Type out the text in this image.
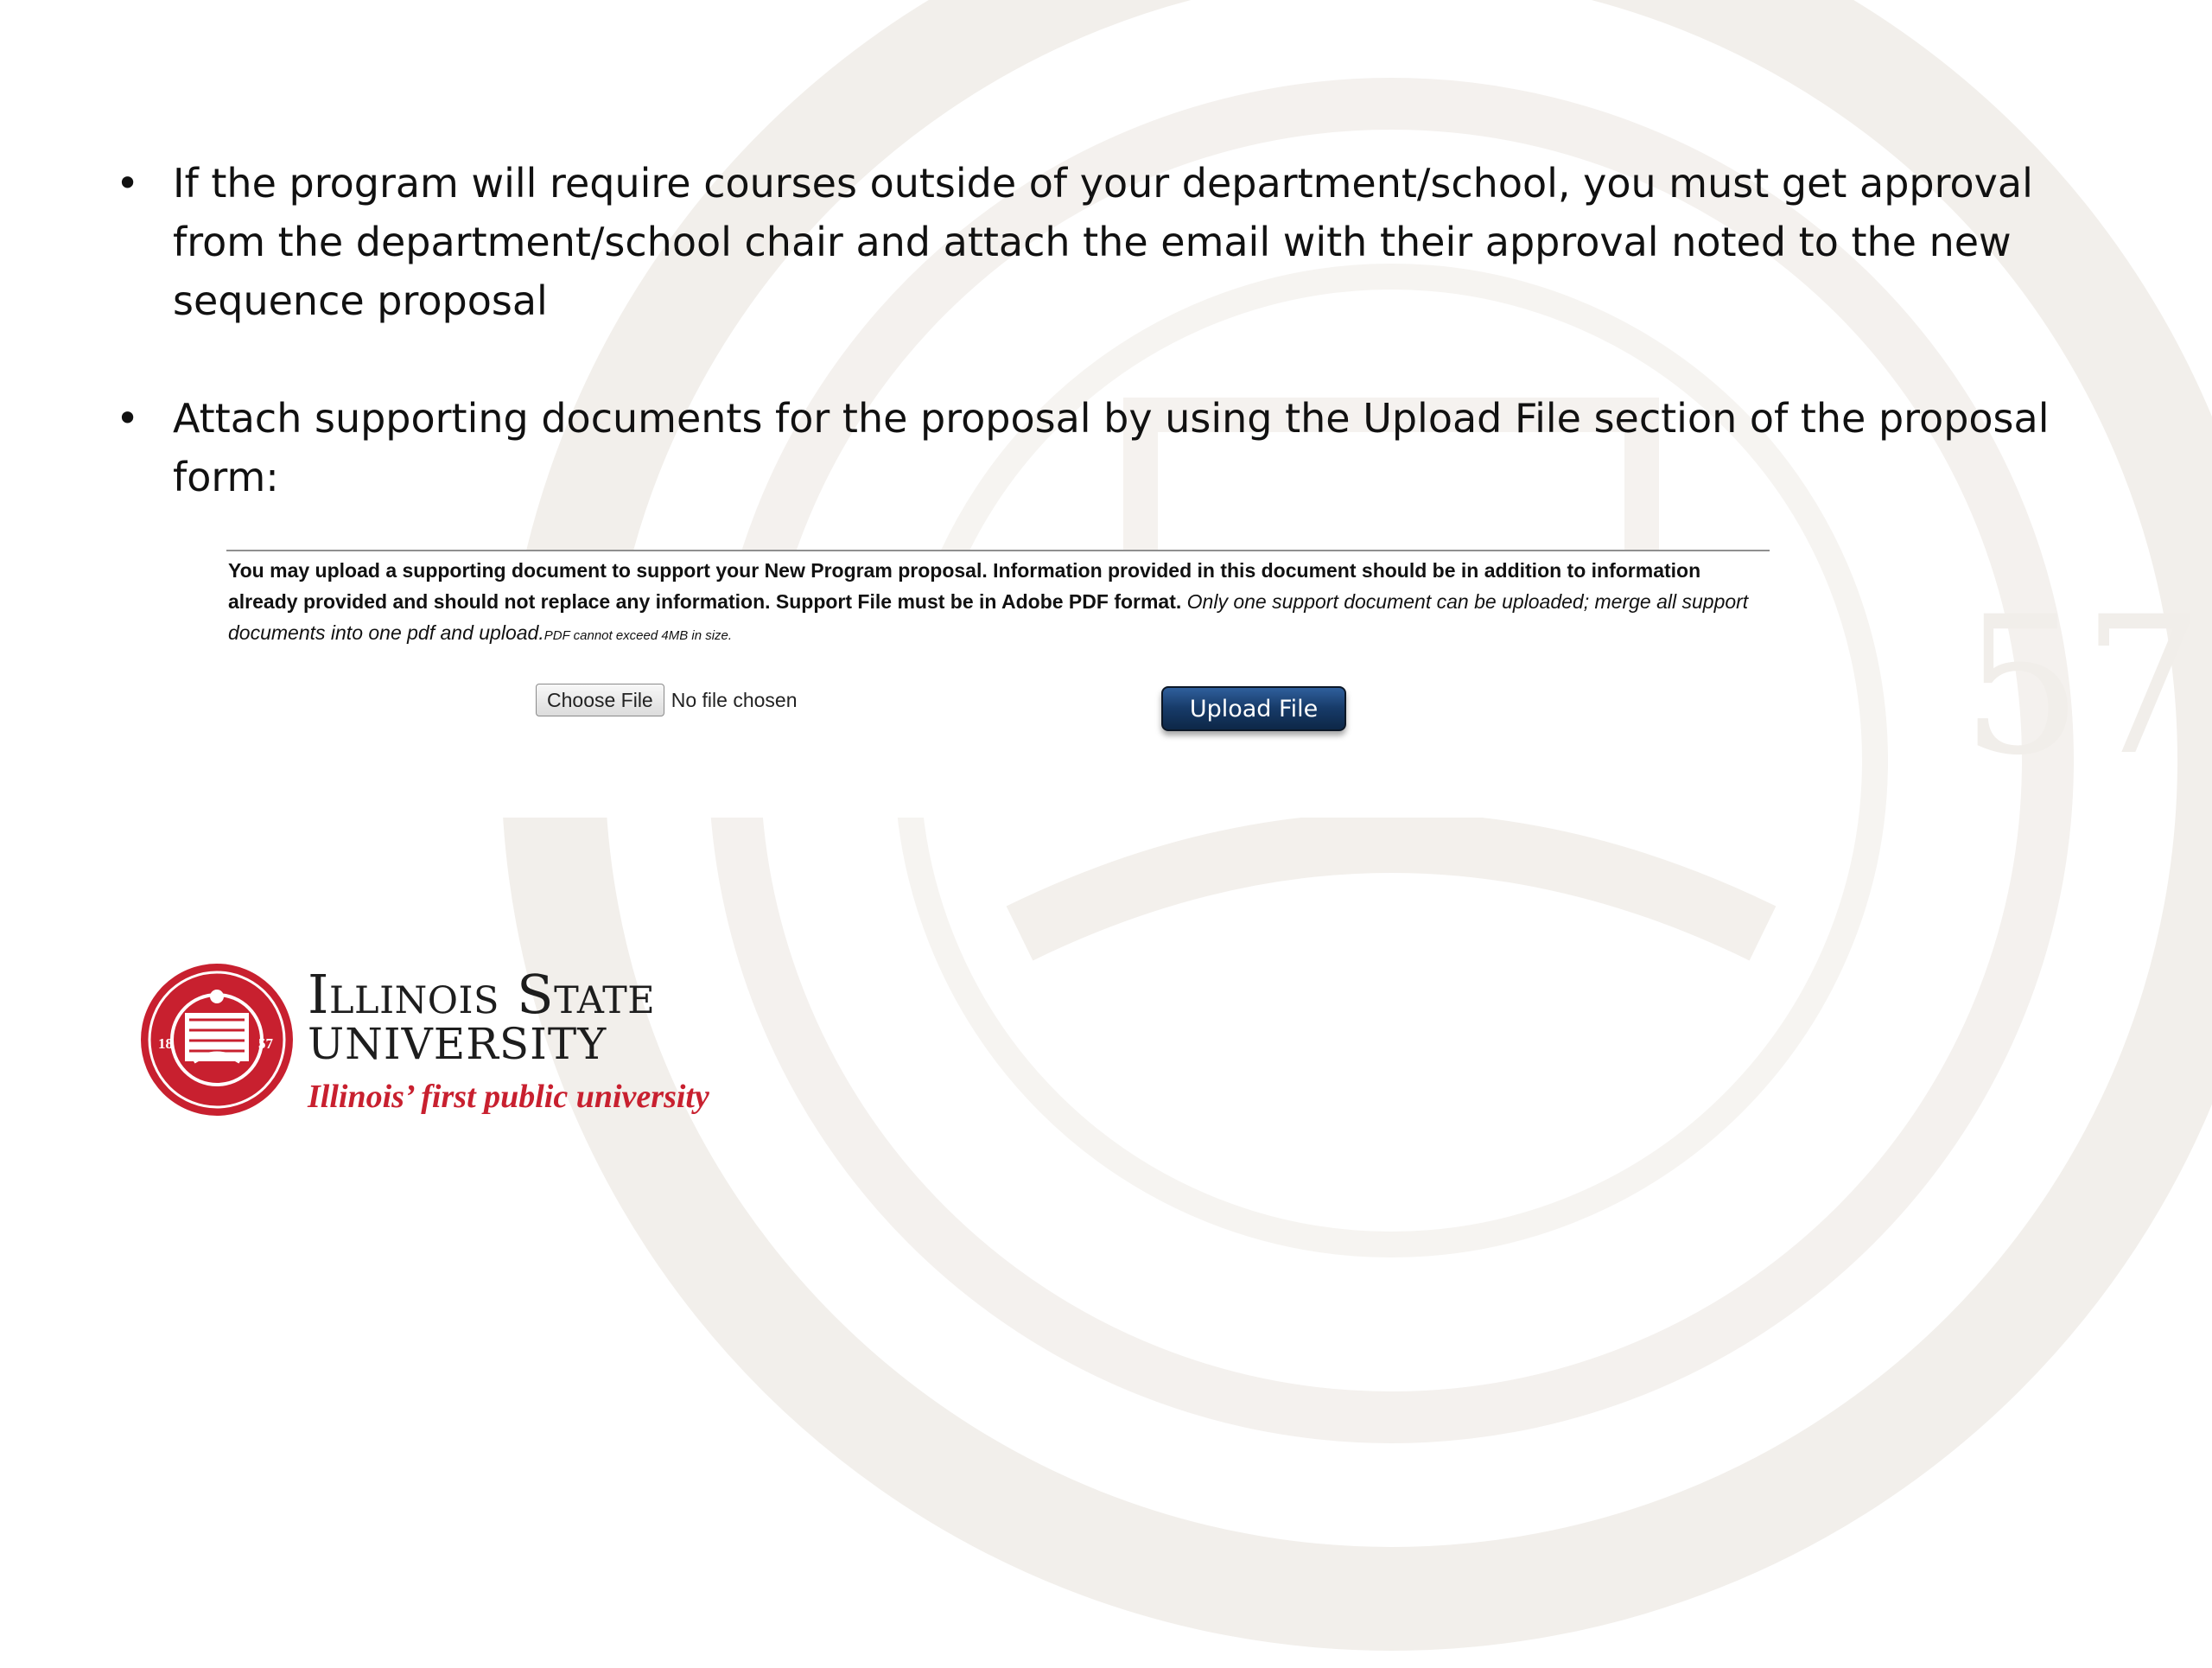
57
• If the program will require courses outside of your department/school, you must get approval from the department/school chair and attach the email with their approval noted to the new sequence proposal
• Attach supporting documents for the proposal by using the Upload File section of the proposal form:
You may upload a supporting document to support your New Program proposal. Information provided in this document should be in addition to information already provided and should not replace any information. Support File must be in Adobe PDF format. Only one support document can be uploaded; merge all support documents into one pdf and upload.PDF cannot exceed 4MB in size.
Choose File No file chosen	Upload File
18	57
Illinois State
UNIVERSITY
Illinois’ first public university
